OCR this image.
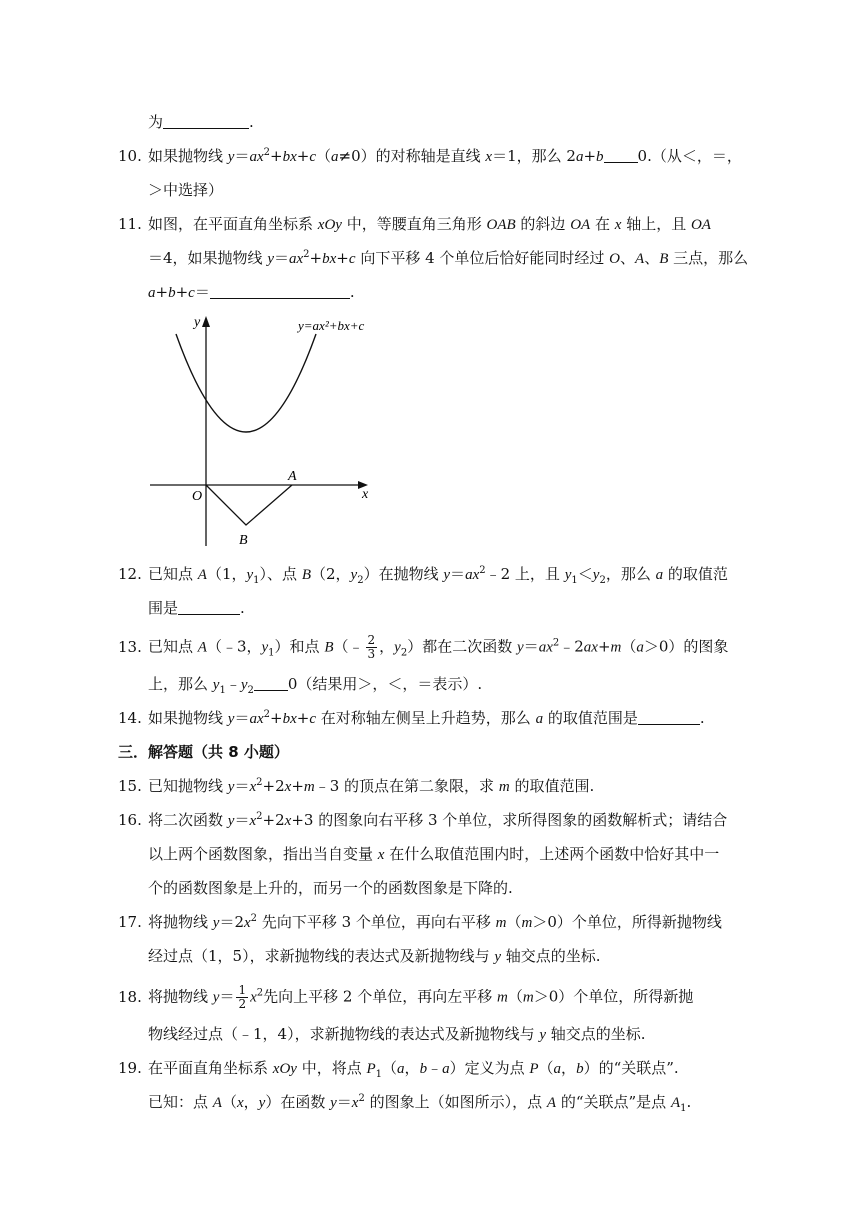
为	.
10. 如果抛物线 $y=ax^2+bx+c(a\ne 0)$的对称轴是直线 x＝1，那么 2a+b 0.（从＜，＝，
＞中选择）
11. 如图，在平面直角坐标系 xOy 中，等腰直角三角形 OAB 的斜边 OA 在 x 轴上，且 OA
＝4，如果抛物线 $y=ax^2+bx+c$ 向下平移 4 个单位后恰好能同时经过 O、A、B 三点，那么
a+b+c＝	.
y=ax²+bx+c
y
x
O
A
B
12. 已知点 A（1，$y_1$）、点 B（2，$y_2$）在抛物线 $y=ax^2﹣2$ 上，且 $y_1<y_2$，那么 a 的取值范
围是	.
13. 已知点 A（﹣3，$y_1$）和点 B（﹣ $\frac{2}{3}$ ，$y_2$）都在二次函数 $y=ax^2﹣2ax+m(a>0)$的图象
上，那么 $y_1﹣y_2$ 0（结果用＞，＜，＝表示）.
14. 如果抛物线 $y=ax^2+bx+c$ 在对称轴左侧呈上升趋势，那么 a 的取值范围是	.
三．解答题（共 8 小题）
15. 已知抛物线 $y=x^2+2x+m﹣3$ 的顶点在第二象限，求 m 的取值范围.
16. 将二次函数 $y=x^2+2x+3$ 的图象向右平移 3 个单位，求所得图象的函数解析式；请结合
以上两个函数图象，指出当自变量 x 在什么取值范围内时，上述两个函数中恰好其中一
个的函数图象是上升的，而另一个的函数图象是下降的.
17. 将抛物线 $y=2x^2$ 先向下平移 3 个单位，再向右平移 m（m＞0）个单位，所得新抛物线
经过点（1，5），求新抛物线的表达式及新抛物线与 y 轴交点的坐标.
18. 将抛物线 $y= \frac{1}{2} x^2$先向上平移 2 个单位，再向左平移 m（m＞0）个单位，所得新抛
物线经过点（﹣1，4），求新抛物线的表达式及新抛物线与 y 轴交点的坐标.
19. 在平面直角坐标系 xOy 中，将点 $P_1(a$，b﹣a）定义为点 P（a，b）的“关联点”.
已知：点 A（x，y）在函数 $y=x^2$ 的图象上（如图所示），点 A 的“关联点”是点 $A_1$.
